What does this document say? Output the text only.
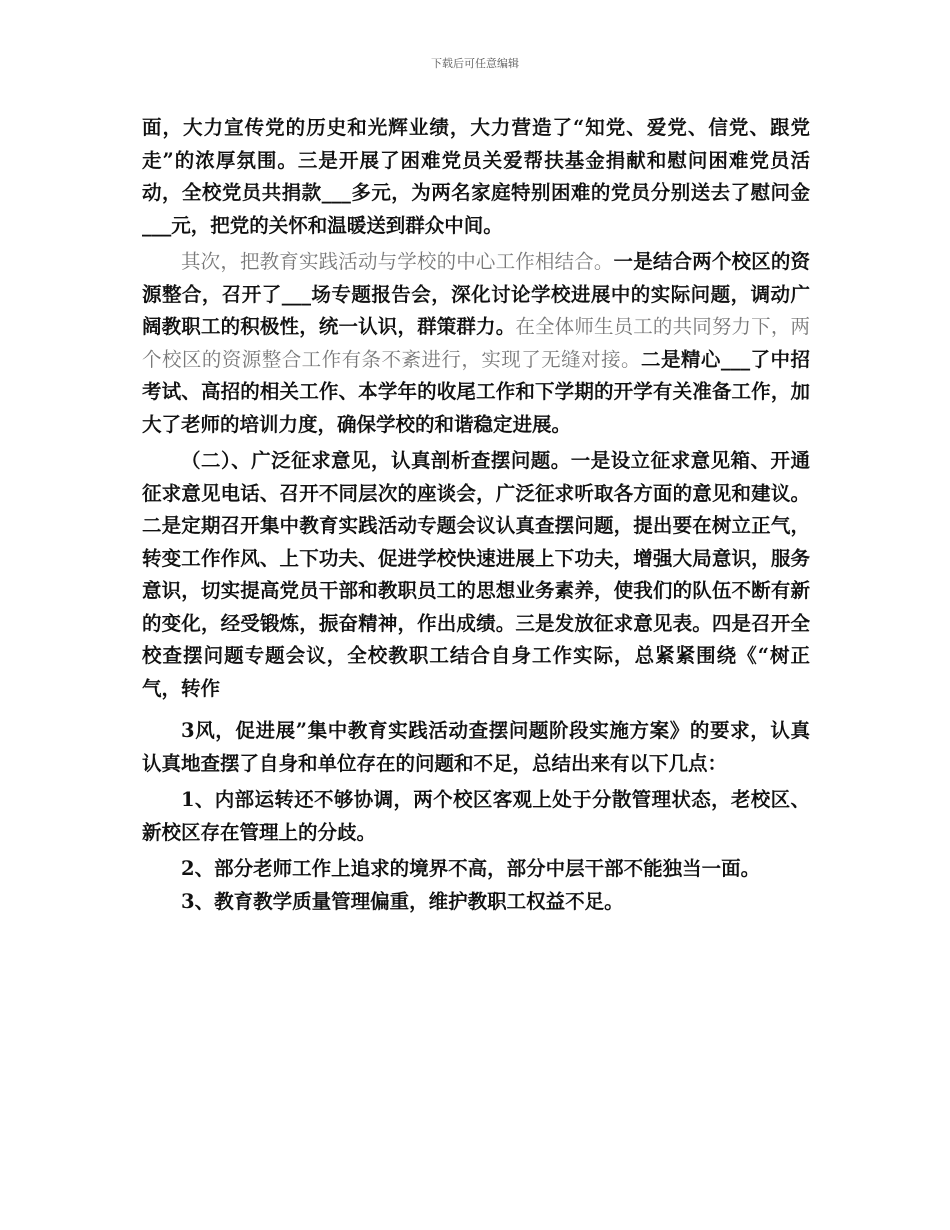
下载后可任意编辑

面，大力宣传党的历史和光辉业绩，大力营造了“知党、爱党、信党、跟党走”的浓厚氛围。三是开展了困难党员关爱帮扶基金捐献和慰问困难党员活动，全校党员共捐款___多元，为两名家庭特别困难的党员分别送去了慰问金___元，把党的关怀和温暖送到群众中间。

其次，把教育实践活动与学校的中心工作相结合。一是结合两个校区的资源整合，召开了___场专题报告会，深化讨论学校进展中的实际问题，调动广阔教职工的积极性，统一认识，群策群力。在全体师生员工的共同努力下，两个校区的资源整合工作有条不紊进行，实现了无缝对接。二是精心___了中招考试、高招的相关工作、本学年的收尾工作和下学期的开学有关准备工作，加大了老师的培训力度，确保学校的和谐稳定进展。

（二）、广泛征求意见，认真剖析查摆问题。一是设立征求意见箱、开通征求意见电话、召开不同层次的座谈会，广泛征求听取各方面的意见和建议。二是定期召开集中教育实践活动专题会议认真查摆问题，提出要在树立正气，转变工作作风、上下功夫、促进学校快速进展上下功夫，增强大局意识，服务意识，切实提高党员干部和教职员工的思想业务素养，使我们的队伍不断有新的变化，经受锻炼，振奋精神，作出成绩。三是发放征求意见表。四是召开全校查摆问题专题会议，全校教职工结合自身工作实际，总紧紧围绕《“树正气，转作

3风，促进展”集中教育实践活动查摆问题阶段实施方案》的要求，认真认真地查摆了自身和单位存在的问题和不足，总结出来有以下几点：

1、内部运转还不够协调，两个校区客观上处于分散管理状态，老校区、新校区存在管理上的分歧。

2、部分老师工作上追求的境界不高，部分中层干部不能独当一面。

3、教育教学质量管理偏重，维护教职工权益不足。
